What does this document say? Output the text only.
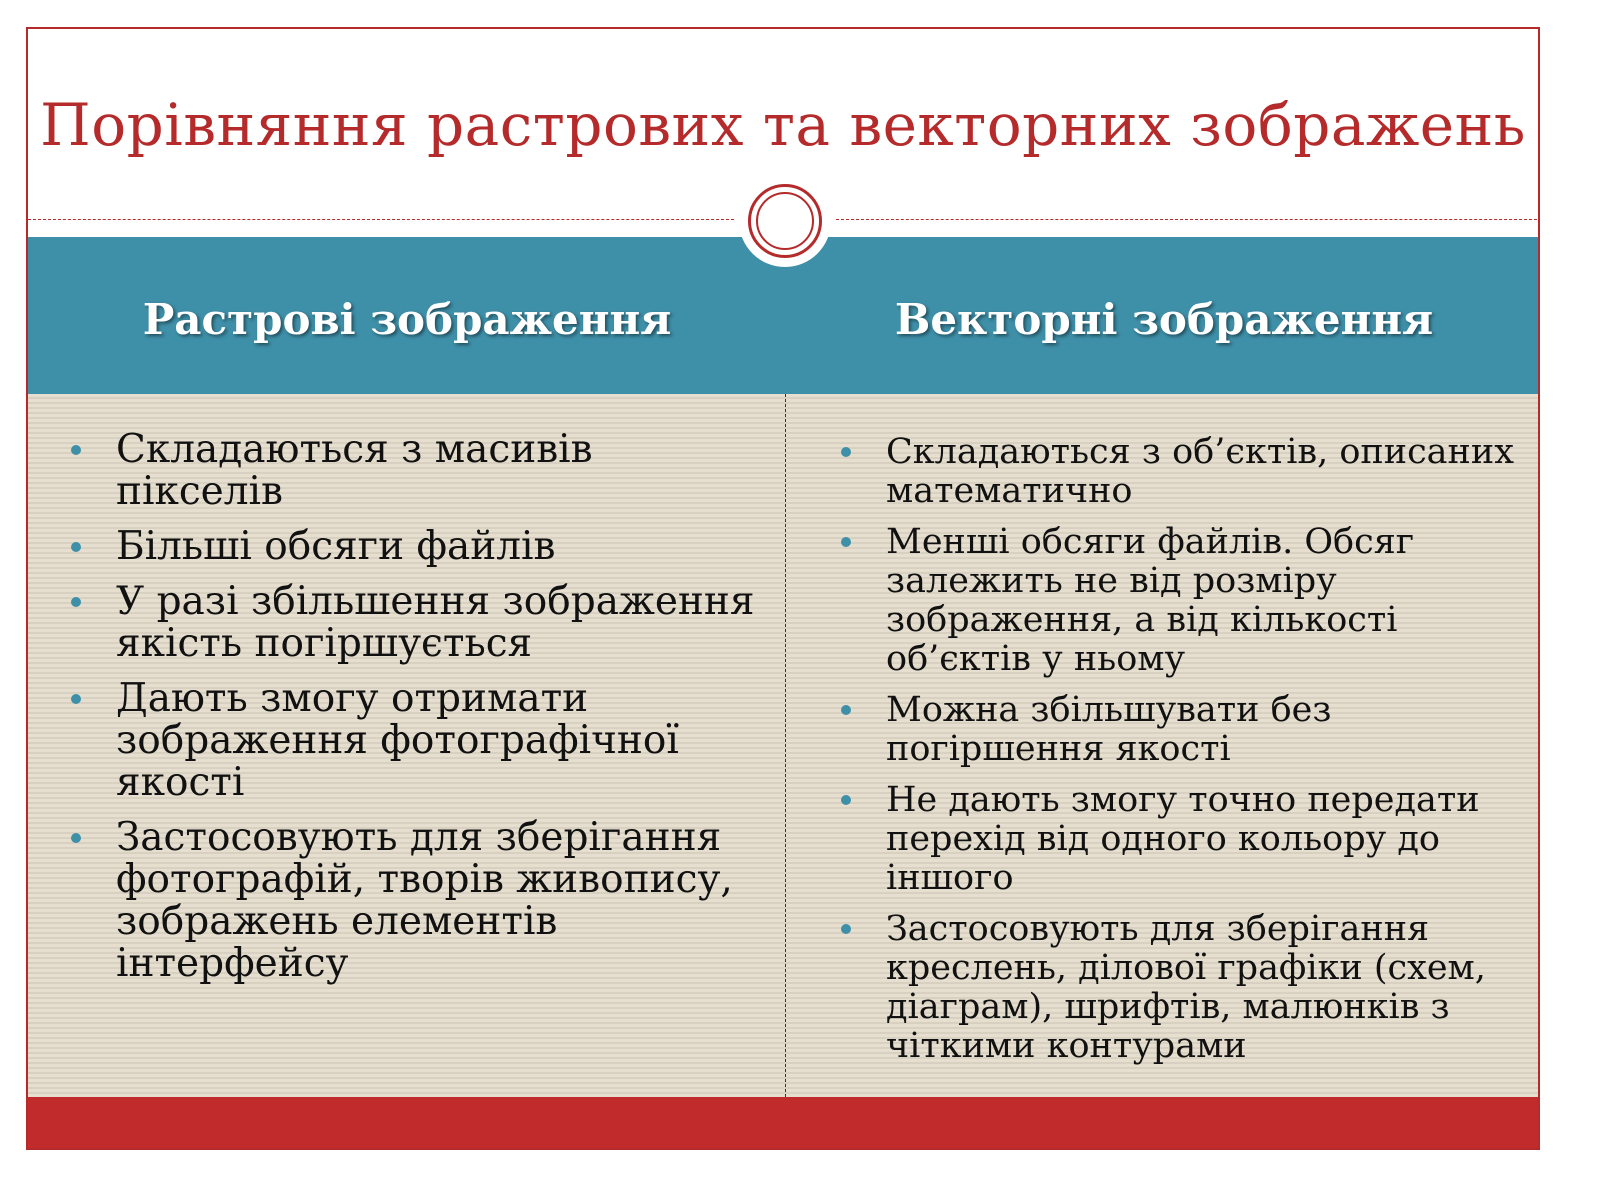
Порівняння растрових та векторних зображень
Растрові зображення	Векторні зображення
Складаються з масивів пікселів
Більші обсяги файлів
У разі збільшення зображення якість погіршується
Дають змогу отримати зображення фотографічної якості
Застосовують для зберігання фотографій, творів живопису, зображень елементів інтерфейсу
Складаються з об’єктів, описаних математично
Менші обсяги файлів. Обсяг залежить не від розміру зображення, а від кількості об’єктів у ньому
Можна збільшувати без погіршення якості
Не дають змогу точно передати перехід від одного кольору до іншого
Застосовують для зберігання креслень, ділової графіки (схем, діаграм), шрифтів, малюнків з чіткими контурами
